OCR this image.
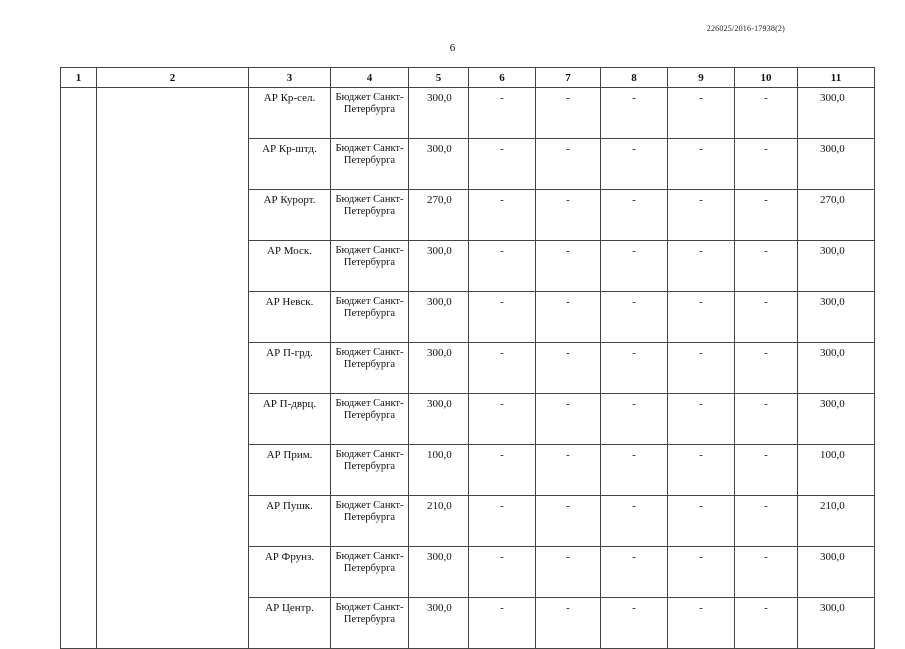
226025/2016-17938(2)
6
1	2	3	4	5	6	7	8	9	10	11
		АР Кр-сел.	Бюджет Санкт-Петербурга	300,0	-	-	-	-	-	300,0
		АР Кр-штд.	Бюджет Санкт-Петербурга	300,0	-	-	-	-	-	300,0
		АР Курорт.	Бюджет Санкт-Петербурга	270,0	-	-	-	-	-	270,0
		АР Моск.	Бюджет Санкт-Петербурга	300,0	-	-	-	-	-	300,0
		АР Невск.	Бюджет Санкт-Петербурга	300,0	-	-	-	-	-	300,0
		АР П-грд.	Бюджет Санкт-Петербурга	300,0	-	-	-	-	-	300,0
		АР П-дврц.	Бюджет Санкт-Петербурга	300,0	-	-	-	-	-	300,0
		АР Прим.	Бюджет Санкт-Петербурга	100,0	-	-	-	-	-	100,0
		АР Пушк.	Бюджет Санкт-Петербурга	210,0	-	-	-	-	-	210,0
		АР Фрунз.	Бюджет Санкт-Петербурга	300,0	-	-	-	-	-	300,0
		АР Центр.	Бюджет Санкт-Петербурга	300,0	-	-	-	-	-	300,0
